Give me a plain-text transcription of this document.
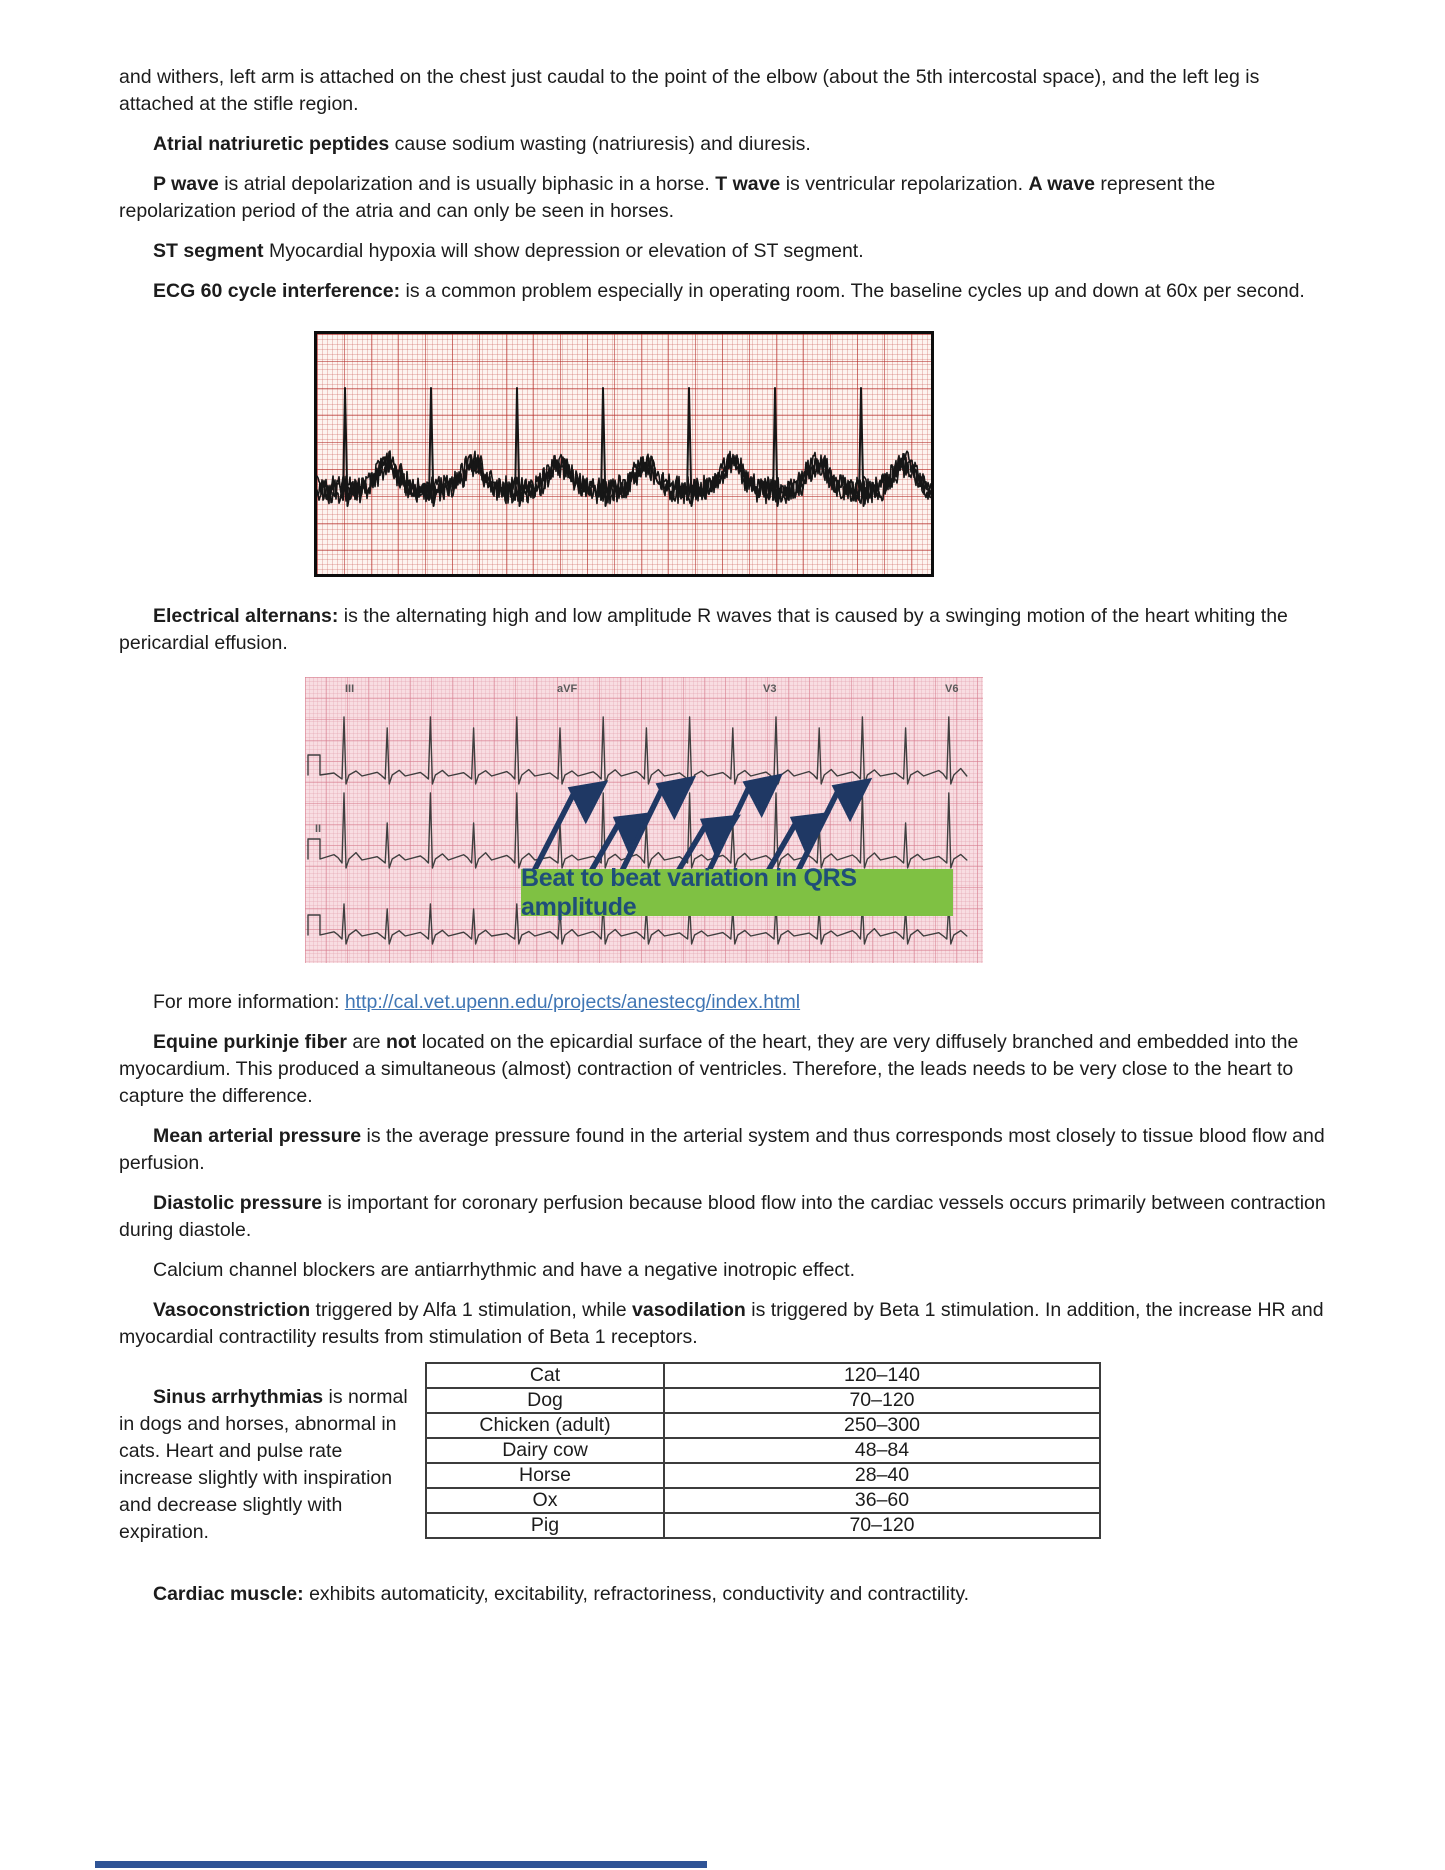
and withers, left arm is attached on the chest just caudal to the point of the elbow (about the 5th intercostal space), and the left leg is attached at the stifle region.

Atrial natriuretic peptides cause sodium wasting (natriuresis) and diuresis.

P wave is atrial depolarization and is usually biphasic in a horse. T wave is ventricular repolarization. A wave represent the repolarization period of the atria and can only be seen in horses.

ST segment Myocardial hypoxia will show depression or elevation of ST segment.

ECG 60 cycle interference: is a common problem especially in operating room. The baseline cycles up and down at 60x per second.

Electrical alternans: is the alternating high and low amplitude R waves that is caused by a swinging motion of the heart whiting the pericardial effusion.

III	aVF	V3	V6
II
Beat to beat variation in QRS amplitude

For more information: http://cal.vet.upenn.edu/projects/anestecg/index.html

Equine purkinje fiber are not located on the epicardial surface of the heart, they are very diffusely branched and embedded into the myocardium. This produced a simultaneous (almost) contraction of ventricles. Therefore, the leads needs to be very close to the heart to capture the difference.

Mean arterial pressure is the average pressure found in the arterial system and thus corresponds most closely to tissue blood flow and perfusion.

Diastolic pressure is important for coronary perfusion because blood flow into the cardiac vessels occurs primarily between contraction during diastole.

Calcium channel blockers are antiarrhythmic and have a negative inotropic effect.

Vasoconstriction triggered by Alfa 1 stimulation, while vasodilation is triggered by Beta 1 stimulation. In addition, the increase HR and myocardial contractility results from stimulation of Beta 1 receptors.

Sinus arrhythmias is normal in dogs and horses, abnormal in cats. Heart and pulse rate increase slightly with inspiration and decrease slightly with expiration.

Cat	120–140
Dog	70–120
Chicken (adult)	250–300
Dairy cow	48–84
Horse	28–40
Ox	36–60
Pig	70–120

Cardiac muscle: exhibits automaticity, excitability, refractoriness, conductivity and contractility.
